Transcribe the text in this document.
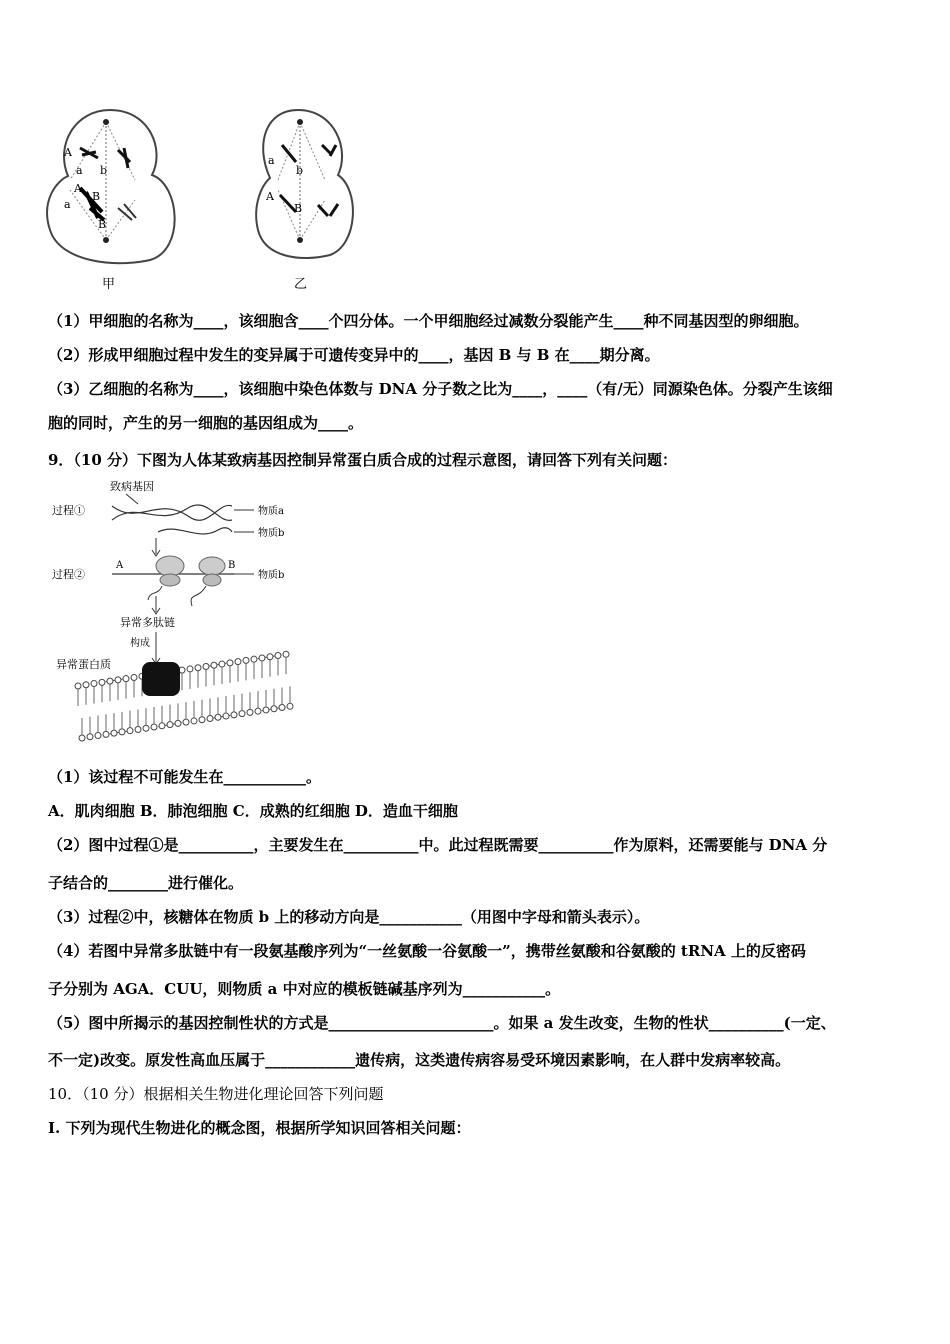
A
a b
A
B
a
B
甲
a
b
A
B
乙
（1）甲细胞的名称为____，该细胞含____个四分体。一个甲细胞经过减数分裂能产生____种不同基因型的卵细胞。
（2）形成甲细胞过程中发生的变异属于可遗传变异中的____，基因 B 与 B 在____期分离。
（3）乙细胞的名称为____，该细胞中染色体数与 DNA 分子数之比为____，____（有/无）同源染色体。分裂产生该细
胞的同时，产生的另一细胞的基因组成为____。
9．（10 分）下图为人体某致病基因控制异常蛋白质合成的过程示意图，请回答下列有关问题：
致病基因
过程①	物质a
物质b
过程②
A	B
物质b
异常多肽链
构成
异常蛋白质
（1）该过程不可能发生在___________。
A．肌肉细胞 B．肺泡细胞 C．成熟的红细胞 D．造血干细胞
（2）图中过程①是__________，主要发生在__________中。此过程既需要__________作为原料，还需要能与 DNA 分
子结合的________进行催化。
（3）过程②中，核糖体在物质 b 上的移动方向是___________（用图中字母和箭头表示）。
（4）若图中异常多肽链中有一段氨基酸序列为“一丝氨酸一谷氨酸一”，携带丝氨酸和谷氨酸的 tRNA 上的反密码
子分别为 AGA．CUU，则物质 a 中对应的模板链碱基序列为___________。
（5）图中所揭示的基因控制性状的方式是______________________。如果 a 发生改变，生物的性状__________(一定、
不一定)改变。原发性高血压属于____________遗传病，这类遗传病容易受环境因素影响，在人群中发病率较高。
10．（10 分）根据相关生物进化理论回答下列问题
I. 下列为现代生物进化的概念图，根据所学知识回答相关问题：
